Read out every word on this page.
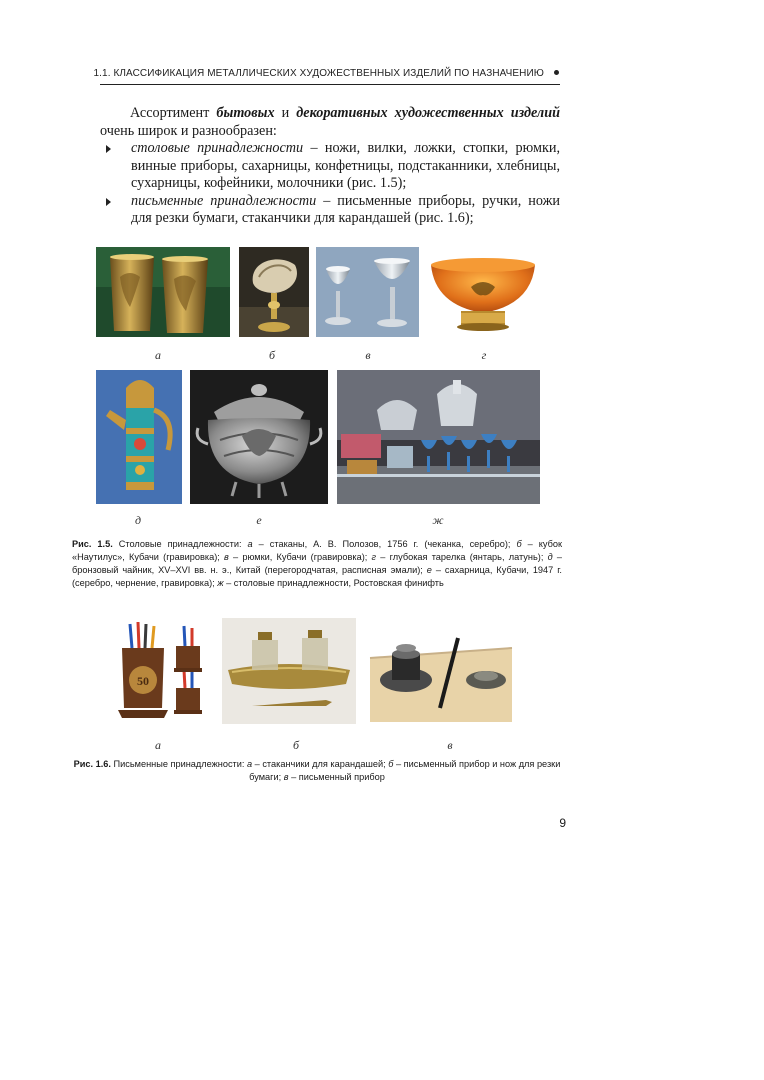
1.1. КЛАССИФИКАЦИЯ МЕТАЛЛИЧЕСКИХ ХУДОЖЕСТВЕННЫХ ИЗДЕЛИЙ ПО НАЗНАЧЕНИЮ

Ассортимент бытовых и декоративных художественных изделий очень широк и разнообразен:

столовые принадлежности – ножи, вилки, ложки, стопки, рюмки, винные приборы, сахарницы, конфетницы, подстаканники, хлебницы, сухарницы, кофейники, молочники (рис. 1.5);
письменные принадлежности – письменные приборы, ручки, ножи для резки бумаги, стаканчики для карандашей (рис. 1.6);
а	б	в	г
д	е	ж

Рис. 1.5. Столовые принадлежности: а – стаканы, А. В. Полозов, 1756 г. (чеканка, серебро); б – кубок «Наутилус», Кубачи (гравировка); в – рюмки, Кубачи (гравировка); г – глубокая тарелка (янтарь, латунь); д – бронзовый чайник, XV–XVI вв. н. э., Китай (перегородчатая, расписная эмали); е – сахарница, Кубачи, 1947 г. (серебро, чернение, гравировка); ж – столовые принадлежности, Ростовская финифть

50
а	б	в

Рис. 1.6. Письменные принадлежности: а – стаканчики для карандашей; б – письменный прибор и нож для резки бумаги; в – письменный прибор

9
